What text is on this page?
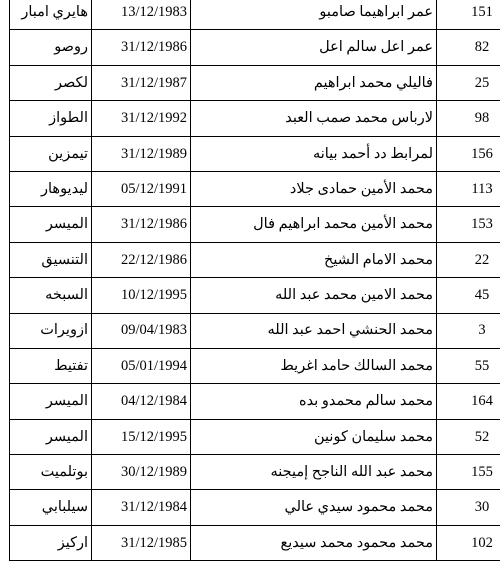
هايري امبار	13/12/1983	عمر ابراهيما صامبو	151
روصو	31/12/1986	عمر اعل سالم اعل	82
لكصر	31/12/1987	فاليلي محمد ابراهيم	25
الطواز	31/12/1992	لارباس محمد صمب العبد	98
تيمزين	31/12/1989	لمرابط دد أحمد بيانه	156
ليديوهار	05/12/1991	محمد الأمين حمادى جلاد	113
الميسر	31/12/1986	محمد الأمين محمد ابراهيم فال	153
التنسيق	22/12/1986	محمد الامام الشيخ	22
السبخه	10/12/1995	محمد الامين محمد عبد الله	45
ازويرات	09/04/1983	محمد الحنشي احمد عبد الله	3
تفتيط	05/01/1994	محمد السالك حامد اغريط	55
الميسر	04/12/1984	محمد سالم محمدو بده	164
الميسر	15/12/1995	محمد سليمان كونين	52
بوتلميت	30/12/1989	محمد عبد الله الناجح إميجنه	155
سيلبابي	31/12/1984	محمد محمود سيدي عالي	30
اركيز	31/12/1985	محمد محمود محمد سيديع	102
